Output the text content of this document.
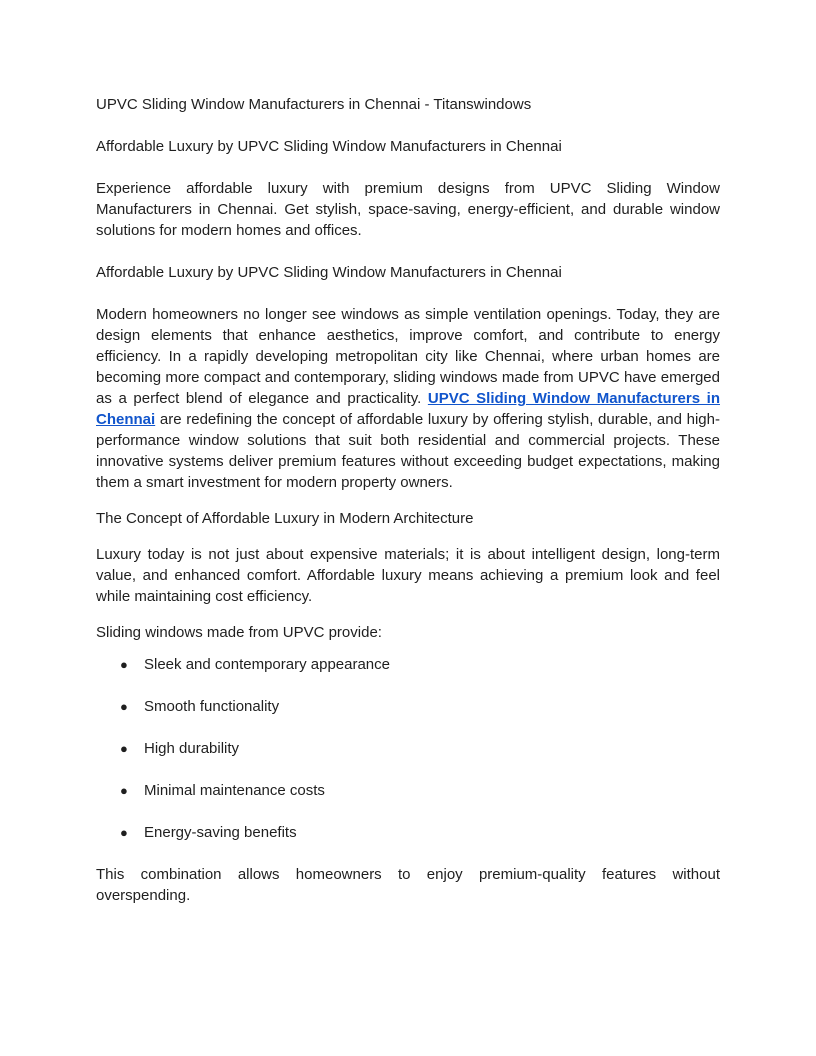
UPVC Sliding Window Manufacturers in Chennai - Titanswindows
Affordable Luxury by UPVC Sliding Window Manufacturers in Chennai

Experience affordable luxury with premium designs from UPVC Sliding Window Manufacturers in Chennai. Get stylish, space-saving, energy-efficient, and durable window solutions for modern homes and offices.

Affordable Luxury by UPVC Sliding Window Manufacturers in Chennai

Modern homeowners no longer see windows as simple ventilation openings. Today, they are design elements that enhance aesthetics, improve comfort, and contribute to energy efficiency. In a rapidly developing metropolitan city like Chennai, where urban homes are becoming more compact and contemporary, sliding windows made from UPVC have emerged as a perfect blend of elegance and practicality. UPVC Sliding Window Manufacturers in Chennai are redefining the concept of affordable luxury by offering stylish, durable, and high-performance window solutions that suit both residential and commercial projects. These innovative systems deliver premium features without exceeding budget expectations, making them a smart investment for modern property owners.

The Concept of Affordable Luxury in Modern Architecture

Luxury today is not just about expensive materials; it is about intelligent design, long-term value, and enhanced comfort. Affordable luxury means achieving a premium look and feel while maintaining cost efficiency.

Sliding windows made from UPVC provide:
● Sleek and contemporary appearance
● Smooth functionality
● High durability
● Minimal maintenance costs
● Energy-saving benefits

This combination allows homeowners to enjoy premium-quality features without overspending.
